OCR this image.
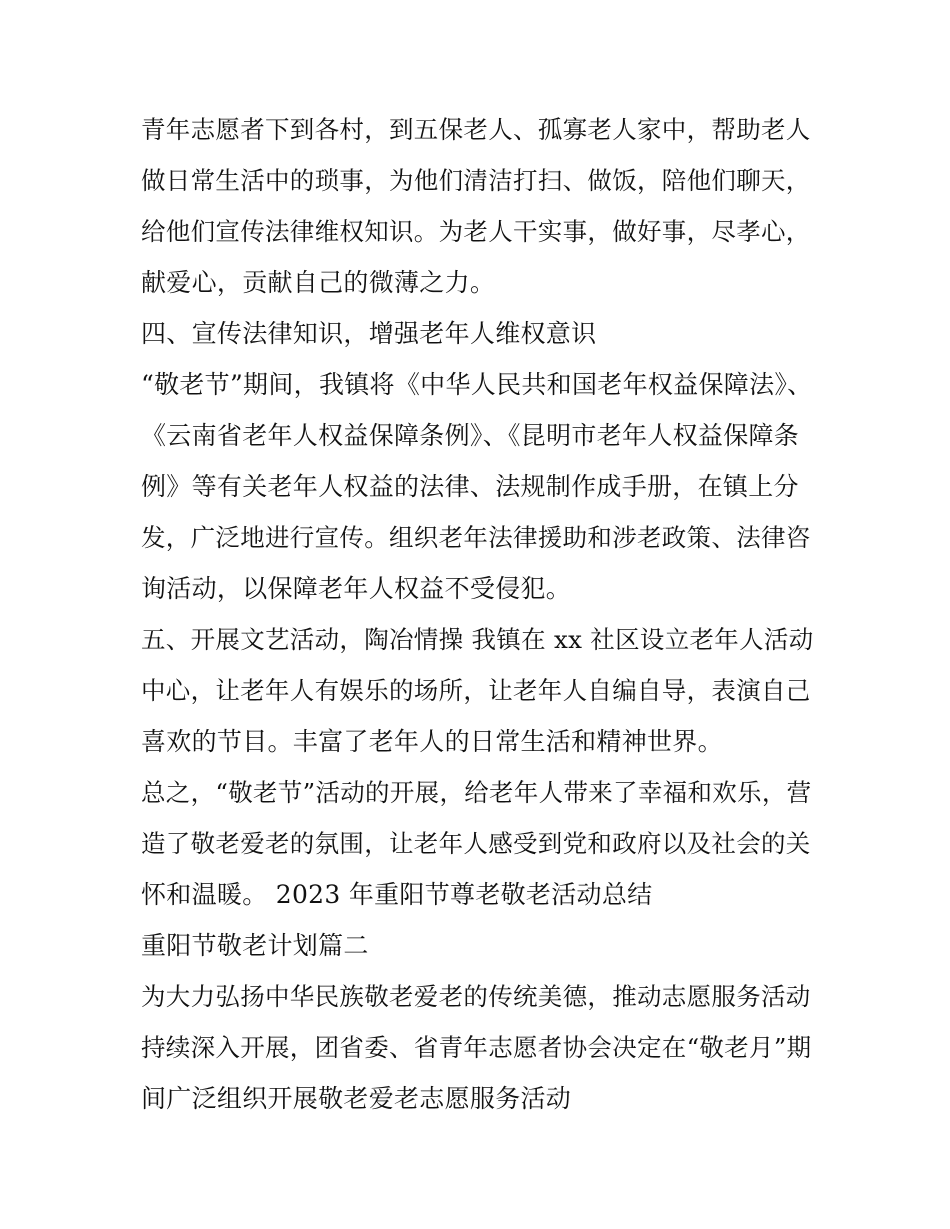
青年志愿者下到各村，到五保老人、孤寡老人家中，帮助老人
做日常生活中的琐事，为他们清洁打扫、做饭，陪他们聊天，
给他们宣传法律维权知识。为老人干实事，做好事，尽孝心，
献爱心，贡献自己的微薄之力。
四、宣传法律知识，增强老年人维权意识
“敬老节”期间，我镇将《中华人民共和国老年权益保障法》、
《云南省老年人权益保障条例》、《昆明市老年人权益保障条
例》等有关老年人权益的法律、法规制作成手册，在镇上分
发，广泛地进行宣传。组织老年法律援助和涉老政策、法律咨
询活动，以保障老年人权益不受侵犯。
五、开展文艺活动，陶冶情操 我镇在 xx 社区设立老年人活动
中心，让老年人有娱乐的场所，让老年人自编自导，表演自己
喜欢的节目。丰富了老年人的日常生活和精神世界。
总之，“敬老节”活动的开展，给老年人带来了幸福和欢乐，营
造了敬老爱老的氛围，让老年人感受到党和政府以及社会的关
怀和温暖。 2023 年重阳节尊老敬老活动总结
重阳节敬老计划篇二
为大力弘扬中华民族敬老爱老的传统美德，推动志愿服务活动
持续深入开展，团省委、省青年志愿者协会决定在“敬老月”期
间广泛组织开展敬老爱老志愿服务活动
